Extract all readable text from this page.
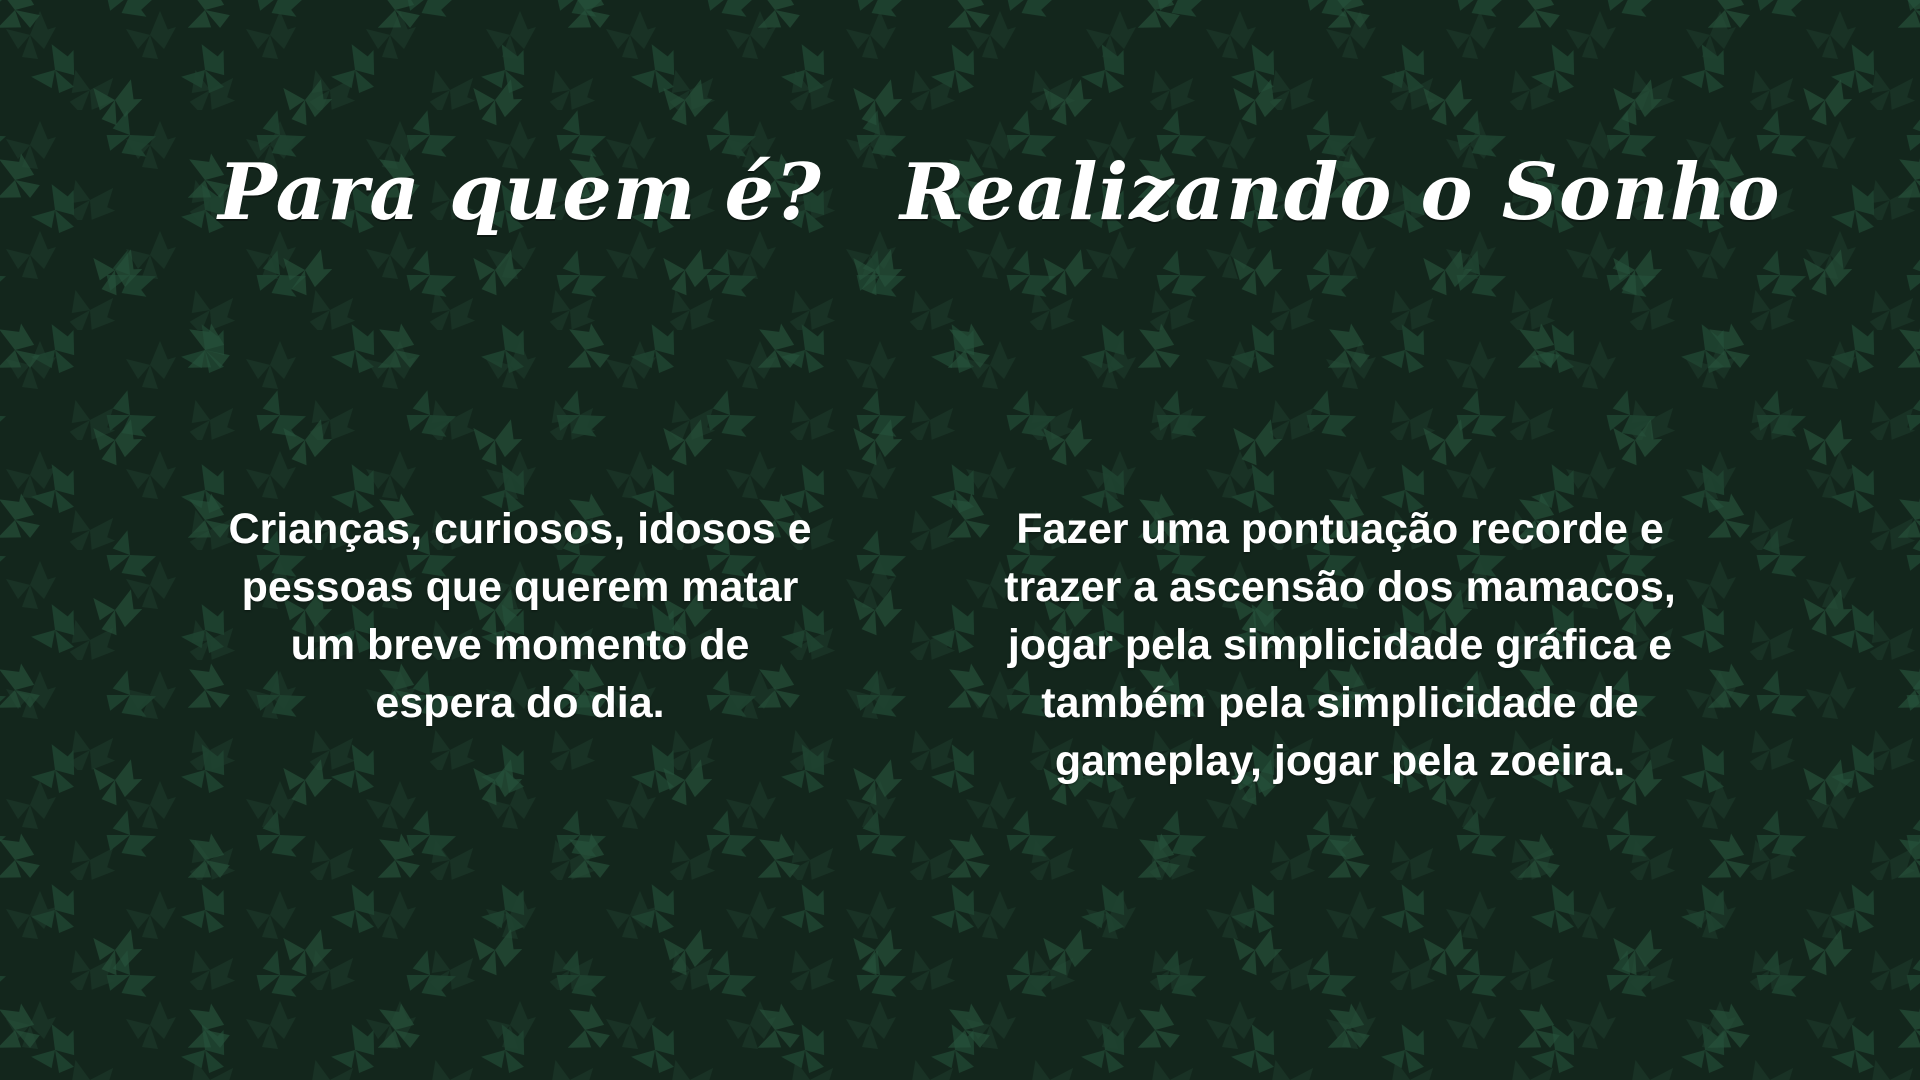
Para quem é?

Crianças, curiosos, idosos e pessoas que querem matar um breve momento de espera do dia.

Realizando o Sonho

Fazer uma pontuação recorde e trazer a ascensão dos mamacos, jogar pela simplicidade gráfica e também pela simplicidade de gameplay, jogar pela zoeira.
